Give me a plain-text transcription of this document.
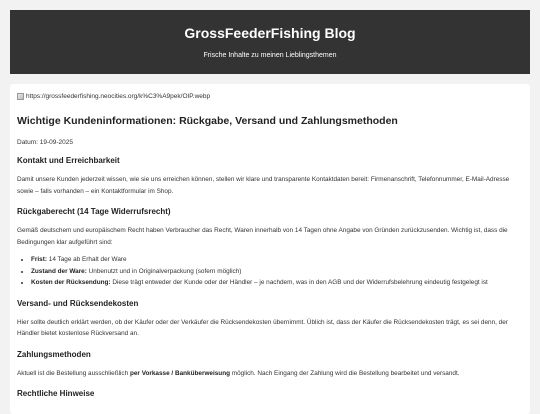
GrossFeederFishing Blog
Frische Inhalte zu meinen Lieblingsthemen
https://grossfeederfishing.neocities.org/k%C3%A9pek/OIP.webp
Wichtige Kundeninformationen: Rückgabe, Versand und Zahlungsmethoden
Datum: 19-09-2025
Kontakt und Erreichbarkeit

Damit unsere Kunden jederzeit wissen, wie sie uns erreichen können, stellen wir klare und transparente Kontaktdaten bereit: Firmenanschrift, Telefonnummer, E-Mail-Adresse sowie – falls vorhanden – ein Kontaktformular im Shop.

Rückgaberecht (14 Tage Widerrufsrecht)

Gemäß deutschem und europäischem Recht haben Verbraucher das Recht, Waren innerhalb von 14 Tagen ohne Angabe von Gründen zurückzusenden. Wichtig ist, dass die Bedingungen klar aufgeführt sind:

• Frist: 14 Tage ab Erhalt der Ware
• Zustand der Ware: Unbenutzt und in Originalverpackung (sofern möglich)
• Kosten der Rücksendung: Diese trägt entweder der Kunde oder der Händler – je nachdem, was in den AGB und der Widerrufsbelehrung eindeutig festgelegt ist
Versand- und Rücksendekosten

Hier sollte deutlich erklärt werden, ob der Käufer oder der Verkäufer die Rücksendekosten übernimmt. Üblich ist, dass der Käufer die Rücksendekosten trägt, es sei denn, der Händler bietet kostenlose Rückversand an.

Zahlungsmethoden

Aktuell ist die Bestellung ausschließlich per Vorkasse / Banküberweisung möglich. Nach Eingang der Zahlung wird die Bestellung bearbeitet und versandt.

Rechtliche Hinweise
